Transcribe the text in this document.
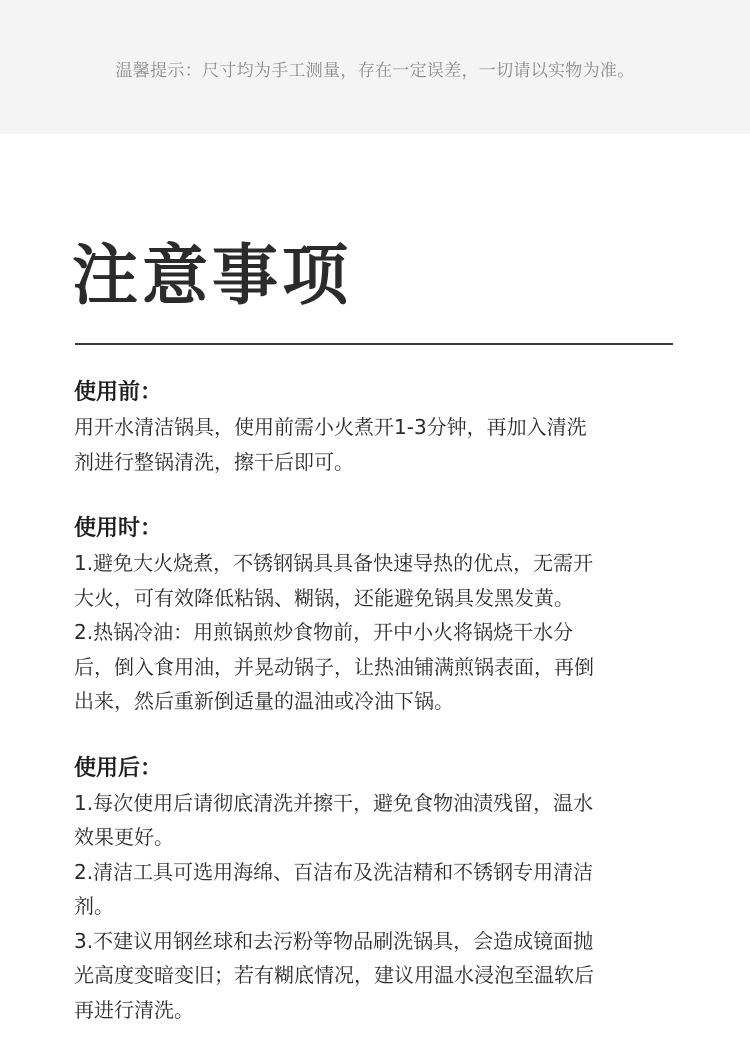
温馨提示：尺寸均为手工测量，存在一定误差，一切请以实物为准。
注意事项
使用前：
用开水清洁锅具，使用前需小火煮开1-3分钟，再加入清洗
剂进行整锅清洗，擦干后即可。
使用时：
1.避免大火烧煮，不锈钢锅具具备快速导热的优点，无需开
大火，可有效降低粘锅、糊锅，还能避免锅具发黑发黄。
2.热锅冷油：用煎锅煎炒食物前，开中小火将锅烧干水分
后，倒入食用油，并晃动锅子，让热油铺满煎锅表面，再倒
出来，然后重新倒适量的温油或冷油下锅。
使用后：
1.每次使用后请彻底清洗并擦干，避免食物油渍残留，温水
效果更好。
2.清洁工具可选用海绵、百洁布及洗洁精和不锈钢专用清洁
剂。
3.不建议用钢丝球和去污粉等物品刷洗锅具，会造成镜面抛
光高度变暗变旧；若有糊底情况，建议用温水浸泡至温软后
再进行清洗。
